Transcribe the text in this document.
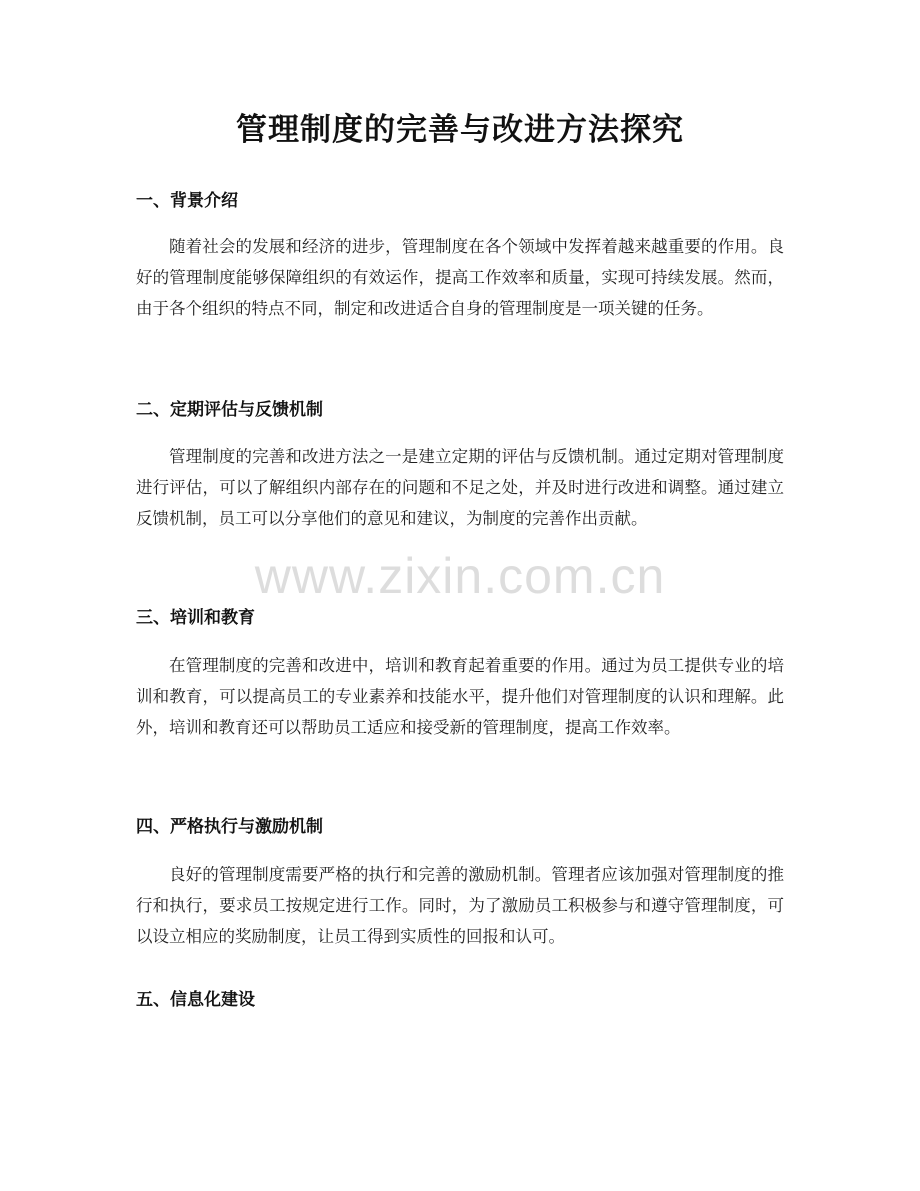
管理制度的完善与改进方法探究
一、背景介绍

随着社会的发展和经济的进步，管理制度在各个领域中发挥着越来越重要的作用。良好的管理制度能够保障组织的有效运作，提高工作效率和质量，实现可持续发展。然而，由于各个组织的特点不同，制定和改进适合自身的管理制度是一项关键的任务。

二、定期评估与反馈机制

管理制度的完善和改进方法之一是建立定期的评估与反馈机制。通过定期对管理制度进行评估，可以了解组织内部存在的问题和不足之处，并及时进行改进和调整。通过建立反馈机制，员工可以分享他们的意见和建议，为制度的完善作出贡献。

三、培训和教育

在管理制度的完善和改进中，培训和教育起着重要的作用。通过为员工提供专业的培训和教育，可以提高员工的专业素养和技能水平，提升他们对管理制度的认识和理解。此外，培训和教育还可以帮助员工适应和接受新的管理制度，提高工作效率。

四、严格执行与激励机制

良好的管理制度需要严格的执行和完善的激励机制。管理者应该加强对管理制度的推行和执行，要求员工按规定进行工作。同时，为了激励员工积极参与和遵守管理制度，可以设立相应的奖励制度，让员工得到实质性的回报和认可。

五、信息化建设
www.zixin.com.cn
